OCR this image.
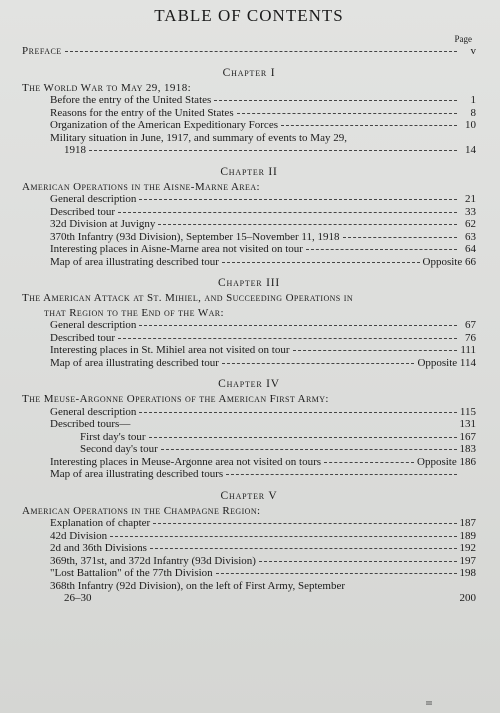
TABLE OF CONTENTS
Page
Preface	v
Chapter I
The World War to May 29, 1918:
Before the entry of the United States	1
Reasons for the entry of the United States	8
Organization of the American Expeditionary Forces	10
Military situation in June, 1917, and summary of events to May 29,
1918	14
Chapter II
American Operations in the Aisne-Marne Area:
General description	21
Described tour	33
32d Division at Juvigny	62
370th Infantry (93d Division), September 15–November 11, 1918	63
Interesting places in Aisne-Marne area not visited on tour	64
Map of area illustrating described tour	Opposite 66
Chapter III
The American Attack at St. Mihiel, and Succeeding Operations in
that Region to the End of the War:
General description	67
Described tour	76
Interesting places in St. Mihiel area not visited on tour	111
Map of area illustrating described tour	Opposite 114
Chapter IV
The Meuse-Argonne Operations of the American First Army:
General description	115
Described tours—	131
First day's tour	167
Second day's tour	183
Interesting places in Meuse-Argonne area not visited on tours	Opposite 186
Map of area illustrating described tours
Chapter V
American Operations in the Champagne Region:
Explanation of chapter	187
42d Division	189
2d and 36th Divisions	192
369th, 371st, and 372d Infantry (93d Division)	197
"Lost Battalion" of the 77th Division	198
368th Infantry (92d Division), on the left of First Army, September
26–30	200
iii
